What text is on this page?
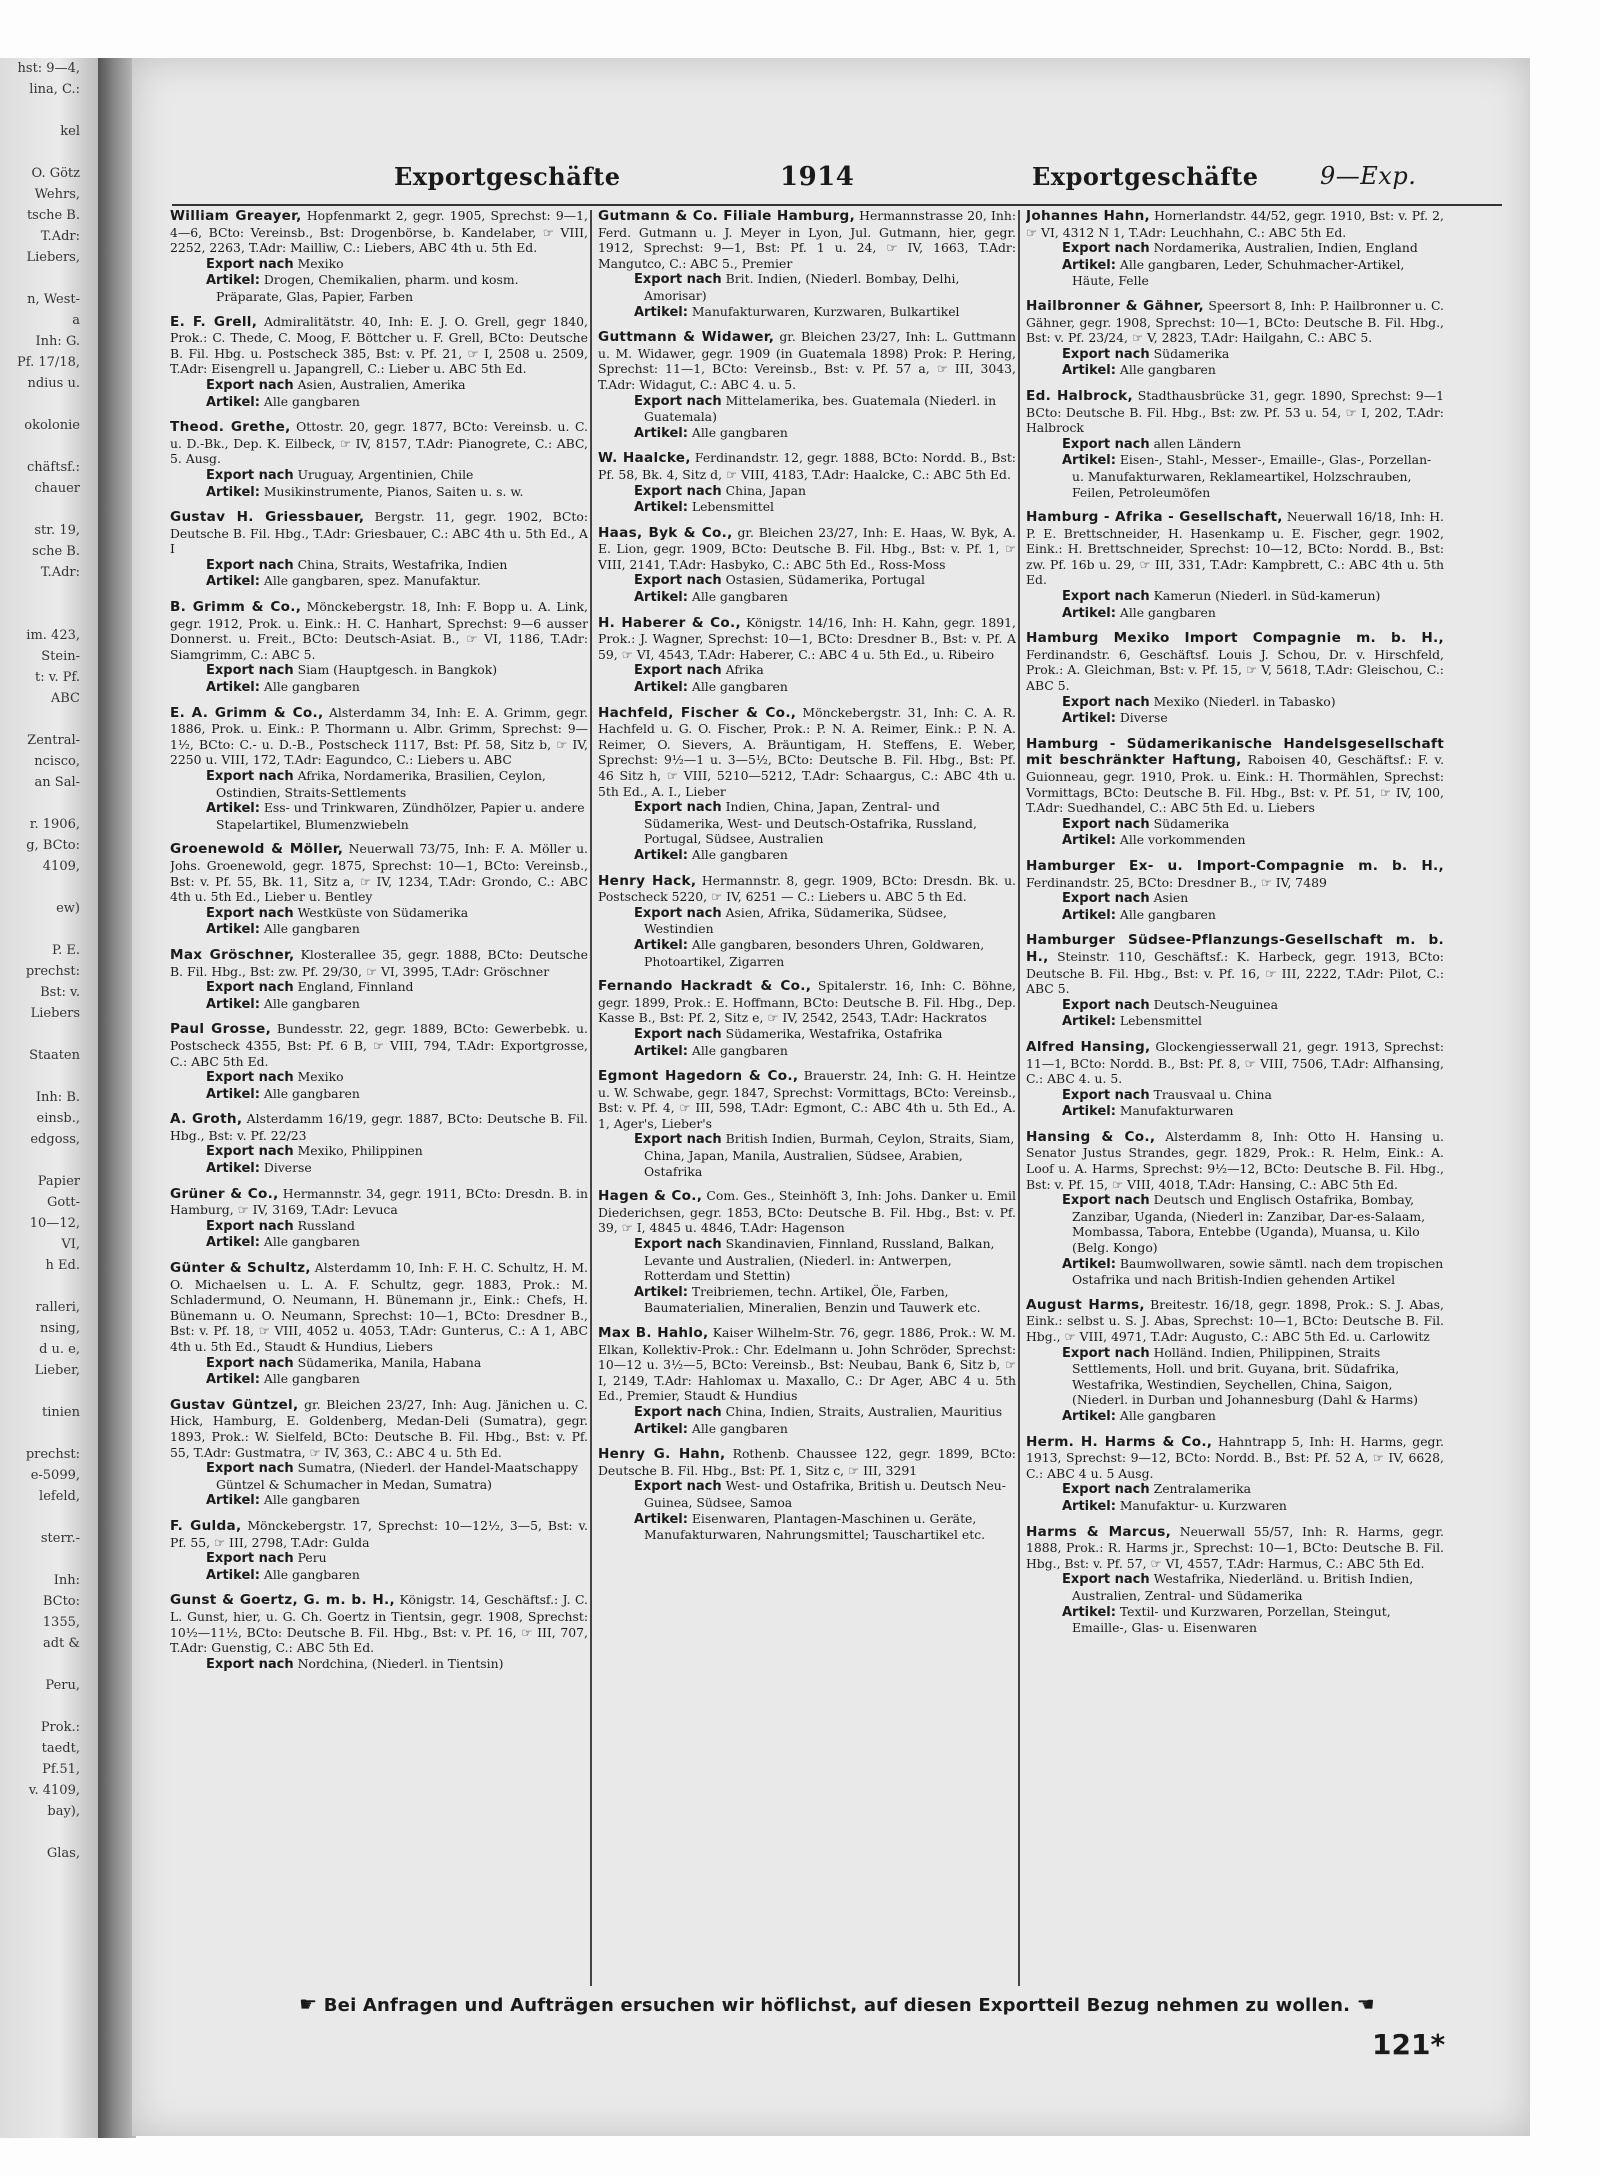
hst: 9—4,
lina, C.:

kel

O. Götz
Wehrs,
tsche B.
T.Adr:
Liebers,

n, West-
a
Inh: G.
Pf. 17/18,
ndius u.

okolonie

chäftsf.:
chauer

str. 19,
sche B.
T.Adr:

im. 423,
Stein-
t: v. Pf.
ABC

Zentral-
ncisco,
an Sal-

r. 1906,
g, BCto:
4109,

ew)

P. E.
prechst:
Bst: v.
Liebers

Staaten

Inh: B.
einsb.,
edgoss,

Papier
Gott-
10—12,
VI,
h Ed.

ralleri,
nsing,
d u. e,
Lieber,

tinien

prechst:
e-5099,
lefeld,

sterr.-

Inh:
BCto:
1355,
adt &

Peru,

Prok.:
taedt,
Pf.51,
v. 4109,
bay),

Glas,
Exportgeschäfte	1914	Exportgeschäfte	9—Exp.
William Greayer, Hopfenmarkt 2, gegr. 1905, Sprechst: 9—1, 4—6, BCto: Vereinsb., Bst: Drogenbörse, b. Kandelaber, ☞ VIII, 2252, 2263, T.Adr: Mailliw, C.: Liebers, ABC 4th u. 5th Ed.
Export nach Mexiko
Artikel: Drogen, Chemikalien, pharm. und kosm. Präparate, Glas, Papier, Farben
E. F. Grell, Admiralitätstr. 40, Inh: E. J. O. Grell, gegr 1840, Prok.: C. Thede, C. Moog, F. Böttcher u. F. Grell, BCto: Deutsche B. Fil. Hbg. u. Postscheck 385, Bst: v. Pf. 21, ☞ I, 2508 u. 2509, T.Adr: Eisengrell u. Japangrell, C.: Lieber u. ABC 5th Ed.
Export nach Asien, Australien, Amerika
Artikel: Alle gangbaren
Theod. Grethe, Ottostr. 20, gegr. 1877, BCto: Vereinsb. u. C. u. D.-Bk., Dep. K. Eilbeck, ☞ IV, 8157, T.Adr: Pianogrete, C.: ABC, 5. Ausg.
Export nach Uruguay, Argentinien, Chile
Artikel: Musikinstrumente, Pianos, Saiten u. s. w.
Gustav H. Griessbauer, Bergstr. 11, gegr. 1902, BCto: Deutsche B. Fil. Hbg., T.Adr: Griesbauer, C.: ABC 4th u. 5th Ed., A I
Export nach China, Straits, Westafrika, Indien
Artikel: Alle gangbaren, spez. Manufaktur.
B. Grimm & Co., Mönckebergstr. 18, Inh: F. Bopp u. A. Link, gegr. 1912, Prok. u. Eink.: H. C. Hanhart, Sprechst: 9—6 ausser Donnerst. u. Freit., BCto: Deutsch-Asiat. B., ☞ VI, 1186, T.Adr: Siamgrimm, C.: ABC 5.
Export nach Siam (Hauptgesch. in Bangkok)
Artikel: Alle gangbaren
E. A. Grimm & Co., Alsterdamm 34, Inh: E. A. Grimm, gegr. 1886, Prok. u. Eink.: P. Thormann u. Albr. Grimm, Sprechst: 9—1½, BCto: C.- u. D.-B., Postscheck 1117, Bst: Pf. 58, Sitz b, ☞ IV, 2250 u. VIII, 172, T.Adr: Eagundco, C.: Liebers u. ABC
Export nach Afrika, Nordamerika, Brasilien, Ceylon, Ostindien, Straits-Settlements
Artikel: Ess- und Trinkwaren, Zündhölzer, Papier u. andere Stapelartikel, Blumenzwiebeln
Groenewold & Möller, Neuerwall 73/75, Inh: F. A. Möller u. Johs. Groenewold, gegr. 1875, Sprechst: 10—1, BCto: Vereinsb., Bst: v. Pf. 55, Bk. 11, Sitz a, ☞ IV, 1234, T.Adr: Grondo, C.: ABC 4th u. 5th Ed., Lieber u. Bentley
Export nach Westküste von Südamerika
Artikel: Alle gangbaren
Max Gröschner, Klosterallee 35, gegr. 1888, BCto: Deutsche B. Fil. Hbg., Bst: zw. Pf. 29/30, ☞ VI, 3995, T.Adr: Gröschner
Export nach England, Finnland
Artikel: Alle gangbaren
Paul Grosse, Bundesstr. 22, gegr. 1889, BCto: Gewerbebk. u. Postscheck 4355, Bst: Pf. 6 B, ☞ VIII, 794, T.Adr: Exportgrosse, C.: ABC 5th Ed.
Export nach Mexiko
Artikel: Alle gangbaren
A. Groth, Alsterdamm 16/19, gegr. 1887, BCto: Deutsche B. Fil. Hbg., Bst: v. Pf. 22/23
Export nach Mexiko, Philippinen
Artikel: Diverse
Grüner & Co., Hermannstr. 34, gegr. 1911, BCto: Dresdn. B. in Hamburg, ☞ IV, 3169, T.Adr: Levuca
Export nach Russland
Artikel: Alle gangbaren
Günter & Schultz, Alsterdamm 10, Inh: F. H. C. Schultz, H. M. O. Michaelsen u. L. A. F. Schultz, gegr. 1883, Prok.: M. Schladermund, O. Neumann, H. Bünemann jr., Eink.: Chefs, H. Bünemann u. O. Neumann, Sprechst: 10—1, BCto: Dresdner B., Bst: v. Pf. 18, ☞ VIII, 4052 u. 4053, T.Adr: Gunterus, C.: A 1, ABC 4th u. 5th Ed., Staudt & Hundius, Liebers
Export nach Südamerika, Manila, Habana
Artikel: Alle gangbaren
Gustav Güntzel, gr. Bleichen 23/27, Inh: Aug. Jänichen u. C. Hick, Hamburg, E. Goldenberg, Medan-Deli (Sumatra), gegr. 1893, Prok.: W. Sielfeld, BCto: Deutsche B. Fil. Hbg., Bst: v. Pf. 55, T.Adr: Gustmatra, ☞ IV, 363, C.: ABC 4 u. 5th Ed.
Export nach Sumatra, (Niederl. der Handel-Maatschappy Güntzel & Schumacher in Medan, Sumatra)
Artikel: Alle gangbaren
F. Gulda, Mönckebergstr. 17, Sprechst: 10—12½, 3—5, Bst: v. Pf. 55, ☞ III, 2798, T.Adr: Gulda
Export nach Peru
Artikel: Alle gangbaren
Gunst & Goertz, G. m. b. H., Königstr. 14, Geschäftsf.: J. C. L. Gunst, hier, u. G. Ch. Goertz in Tientsin, gegr. 1908, Sprechst: 10½—11½, BCto: Deutsche B. Fil. Hbg., Bst: v. Pf. 16, ☞ III, 707, T.Adr: Guenstig, C.: ABC 5th Ed.
Export nach Nordchina, (Niederl. in Tientsin)
Gutmann & Co. Filiale Hamburg, Hermannstrasse 20, Inh: Ferd. Gutmann u. J. Meyer in Lyon, Jul. Gutmann, hier, gegr. 1912, Sprechst: 9—1, Bst: Pf. 1 u. 24, ☞ IV, 1663, T.Adr: Mangutco, C.: ABC 5., Premier
Export nach Brit. Indien, (Niederl. Bombay, Delhi, Amorisar)
Artikel: Manufakturwaren, Kurzwaren, Bulkartikel
Guttmann & Widawer, gr. Bleichen 23/27, Inh: L. Guttmann u. M. Widawer, gegr. 1909 (in Guatemala 1898) Prok: P. Hering, Sprechst: 11—1, BCto: Vereinsb., Bst: v. Pf. 57 a, ☞ III, 3043, T.Adr: Widagut, C.: ABC 4. u. 5.
Export nach Mittelamerika, bes. Guatemala (Niederl. in Guatemala)
Artikel: Alle gangbaren
W. Haalcke, Ferdinandstr. 12, gegr. 1888, BCto: Nordd. B., Bst: Pf. 58, Bk. 4, Sitz d, ☞ VIII, 4183, T.Adr: Haalcke, C.: ABC 5th Ed.
Export nach China, Japan
Artikel: Lebensmittel
Haas, Byk & Co., gr. Bleichen 23/27, Inh: E. Haas, W. Byk, A. E. Lion, gegr. 1909, BCto: Deutsche B. Fil. Hbg., Bst: v. Pf. 1, ☞ VIII, 2141, T.Adr: Hasbyko, C.: ABC 5th Ed., Ross-Moss
Export nach Ostasien, Südamerika, Portugal
Artikel: Alle gangbaren
H. Haberer & Co., Königstr. 14/16, Inh: H. Kahn, gegr. 1891, Prok.: J. Wagner, Sprechst: 10—1, BCto: Dresdner B., Bst: v. Pf. A 59, ☞ VI, 4543, T.Adr: Haberer, C.: ABC 4 u. 5th Ed., u. Ribeiro
Export nach Afrika
Artikel: Alle gangbaren
Hachfeld, Fischer & Co., Mönckebergstr. 31, Inh: C. A. R. Hachfeld u. G. O. Fischer, Prok.: P. N. A. Reimer, Eink.: P. N. A. Reimer, O. Sievers, A. Bräuntigam, H. Steffens, E. Weber, Sprechst: 9½—1 u. 3—5½, BCto: Deutsche B. Fil. Hbg., Bst: Pf. 46 Sitz h, ☞ VIII, 5210—5212, T.Adr: Schaargus, C.: ABC 4th u. 5th Ed., A. I., Lieber
Export nach Indien, China, Japan, Zentral- und Südamerika, West- und Deutsch-Ostafrika, Russland, Portugal, Südsee, Australien
Artikel: Alle gangbaren
Henry Hack, Hermannstr. 8, gegr. 1909, BCto: Dresdn. Bk. u. Postscheck 5220, ☞ IV, 6251 — C.: Liebers u. ABC 5 th Ed.
Export nach Asien, Afrika, Südamerika, Südsee, Westindien
Artikel: Alle gangbaren, besonders Uhren, Goldwaren, Photoartikel, Zigarren
Fernando Hackradt & Co., Spitalerstr. 16, Inh: C. Böhne, gegr. 1899, Prok.: E. Hoffmann, BCto: Deutsche B. Fil. Hbg., Dep. Kasse B., Bst: Pf. 2, Sitz e, ☞ IV, 2542, 2543, T.Adr: Hackratos
Export nach Südamerika, Westafrika, Ostafrika
Artikel: Alle gangbaren
Egmont Hagedorn & Co., Brauerstr. 24, Inh: G. H. Heintze u. W. Schwabe, gegr. 1847, Sprechst: Vormittags, BCto: Vereinsb., Bst: v. Pf. 4, ☞ III, 598, T.Adr: Egmont, C.: ABC 4th u. 5th Ed., A. 1, Ager's, Lieber's
Export nach British Indien, Burmah, Ceylon, Straits, Siam, China, Japan, Manila, Australien, Südsee, Arabien, Ostafrika
Hagen & Co., Com. Ges., Steinhöft 3, Inh: Johs. Danker u. Emil Diederichsen, gegr. 1853, BCto: Deutsche B. Fil. Hbg., Bst: v. Pf. 39, ☞ I, 4845 u. 4846, T.Adr: Hagenson
Export nach Skandinavien, Finnland, Russland, Balkan, Levante und Australien, (Niederl. in: Antwerpen, Rotterdam und Stettin)
Artikel: Treibriemen, techn. Artikel, Öle, Farben, Baumaterialien, Mineralien, Benzin und Tauwerk etc.
Max B. Hahlo, Kaiser Wilhelm-Str. 76, gegr. 1886, Prok.: W. M. Elkan, Kollektiv-Prok.: Chr. Edelmann u. John Schröder, Sprechst: 10—12 u. 3½—5, BCto: Vereinsb., Bst: Neubau, Bank 6, Sitz b, ☞ I, 2149, T.Adr: Hahlomax u. Maxallo, C.: Dr Ager, ABC 4 u. 5th Ed., Premier, Staudt & Hundius
Export nach China, Indien, Straits, Australien, Mauritius
Artikel: Alle gangbaren
Henry G. Hahn, Rothenb. Chaussee 122, gegr. 1899, BCto: Deutsche B. Fil. Hbg., Bst: Pf. 1, Sitz c, ☞ III, 3291
Export nach West- und Ostafrika, British u. Deutsch Neu-Guinea, Südsee, Samoa
Artikel: Eisenwaren, Plantagen-Maschinen u. Geräte, Manufakturwaren, Nahrungsmittel; Tauschartikel etc.
Johannes Hahn, Hornerlandstr. 44/52, gegr. 1910, Bst: v. Pf. 2, ☞ VI, 4312 N 1, T.Adr: Leuchhahn, C.: ABC 5th Ed.
Export nach Nordamerika, Australien, Indien, England
Artikel: Alle gangbaren, Leder, Schuhmacher-Artikel, Häute, Felle
Hailbronner & Gähner, Speersort 8, Inh: P. Hailbronner u. C. Gähner, gegr. 1908, Sprechst: 10—1, BCto: Deutsche B. Fil. Hbg., Bst: v. Pf. 23/24, ☞ V, 2823, T.Adr: Hailgahn, C.: ABC 5.
Export nach Südamerika
Artikel: Alle gangbaren
Ed. Halbrock, Stadthausbrücke 31, gegr. 1890, Sprechst: 9—1 BCto: Deutsche B. Fil. Hbg., Bst: zw. Pf. 53 u. 54, ☞ I, 202, T.Adr: Halbrock
Export nach allen Ländern
Artikel: Eisen-, Stahl-, Messer-, Emaille-, Glas-, Porzellan- u. Manufakturwaren, Reklameartikel, Holzschrauben, Feilen, Petroleumöfen
Hamburg - Afrika - Gesellschaft, Neuerwall 16/18, Inh: H. P. E. Brettschneider, H. Hasenkamp u. E. Fischer, gegr. 1902, Eink.: H. Brettschneider, Sprechst: 10—12, BCto: Nordd. B., Bst: zw. Pf. 16b u. 29, ☞ III, 331, T.Adr: Kampbrett, C.: ABC 4th u. 5th Ed.
Export nach Kamerun (Niederl. in Süd-kamerun)
Artikel: Alle gangbaren
Hamburg Mexiko Import Compagnie m. b. H., Ferdinandstr. 6, Geschäftsf. Louis J. Schou, Dr. v. Hirschfeld, Prok.: A. Gleichman, Bst: v. Pf. 15, ☞ V, 5618, T.Adr: Gleischou, C.: ABC 5.
Export nach Mexiko (Niederl. in Tabasko)
Artikel: Diverse
Hamburg - Südamerikanische Handelsgesellschaft mit beschränkter Haftung, Raboisen 40, Geschäftsf.: F. v. Guionneau, gegr. 1910, Prok. u. Eink.: H. Thormählen, Sprechst: Vormittags, BCto: Deutsche B. Fil. Hbg., Bst: v. Pf. 51, ☞ IV, 100, T.Adr: Suedhandel, C.: ABC 5th Ed. u. Liebers
Export nach Südamerika
Artikel: Alle vorkommenden
Hamburger Ex- u. Import-Compagnie m. b. H., Ferdinandstr. 25, BCto: Dresdner B., ☞ IV, 7489
Export nach Asien
Artikel: Alle gangbaren
Hamburger Südsee-Pflanzungs-Gesellschaft m. b. H., Steinstr. 110, Geschäftsf.: K. Harbeck, gegr. 1913, BCto: Deutsche B. Fil. Hbg., Bst: v. Pf. 16, ☞ III, 2222, T.Adr: Pilot, C.: ABC 5.
Export nach Deutsch-Neuguinea
Artikel: Lebensmittel
Alfred Hansing, Glockengiesserwall 21, gegr. 1913, Sprechst: 11—1, BCto: Nordd. B., Bst: Pf. 8, ☞ VIII, 7506, T.Adr: Alfhansing, C.: ABC 4. u. 5.
Export nach Trausvaal u. China
Artikel: Manufakturwaren
Hansing & Co., Alsterdamm 8, Inh: Otto H. Hansing u. Senator Justus Strandes, gegr. 1829, Prok.: R. Helm, Eink.: A. Loof u. A. Harms, Sprechst: 9½—12, BCto: Deutsche B. Fil. Hbg., Bst: v. Pf. 15, ☞ VIII, 4018, T.Adr: Hansing, C.: ABC 5th Ed.
Export nach Deutsch und Englisch Ostafrika, Bombay, Zanzibar, Uganda, (Niederl in: Zanzibar, Dar-es-Salaam, Mombassa, Tabora, Entebbe (Uganda), Muansa, u. Kilo (Belg. Kongo)
Artikel: Baumwollwaren, sowie sämtl. nach dem tropischen Ostafrika und nach British-Indien gehenden Artikel
August Harms, Breitestr. 16/18, gegr. 1898, Prok.: S. J. Abas, Eink.: selbst u. S. J. Abas, Sprechst: 10—1, BCto: Deutsche B. Fil. Hbg., ☞ VIII, 4971, T.Adr: Augusto, C.: ABC 5th Ed. u. Carlowitz
Export nach Holländ. Indien, Philippinen, Straits Settlements, Holl. und brit. Guyana, brit. Südafrika, Westafrika, Westindien, Seychellen, China, Saigon, (Niederl. in Durban und Johannesburg (Dahl & Harms)
Artikel: Alle gangbaren
Herm. H. Harms & Co., Hahntrapp 5, Inh: H. Harms, gegr. 1913, Sprechst: 9—12, BCto: Nordd. B., Bst: Pf. 52 A, ☞ IV, 6628, C.: ABC 4 u. 5 Ausg.
Export nach Zentralamerika
Artikel: Manufaktur- u. Kurzwaren
Harms & Marcus, Neuerwall 55/57, Inh: R. Harms, gegr. 1888, Prok.: R. Harms jr., Sprechst: 10—1, BCto: Deutsche B. Fil. Hbg., Bst: v. Pf. 57, ☞ VI, 4557, T.Adr: Harmus, C.: ABC 5th Ed.
Export nach Westafrika, Niederländ. u. British Indien, Australien, Zentral- und Südamerika
Artikel: Textil- und Kurzwaren, Porzellan, Steingut, Emaille-, Glas- u. Eisenwaren
☛ Bei Anfragen und Aufträgen ersuchen wir höflichst, auf diesen Exportteil Bezug nehmen zu wollen. ☚
121*
